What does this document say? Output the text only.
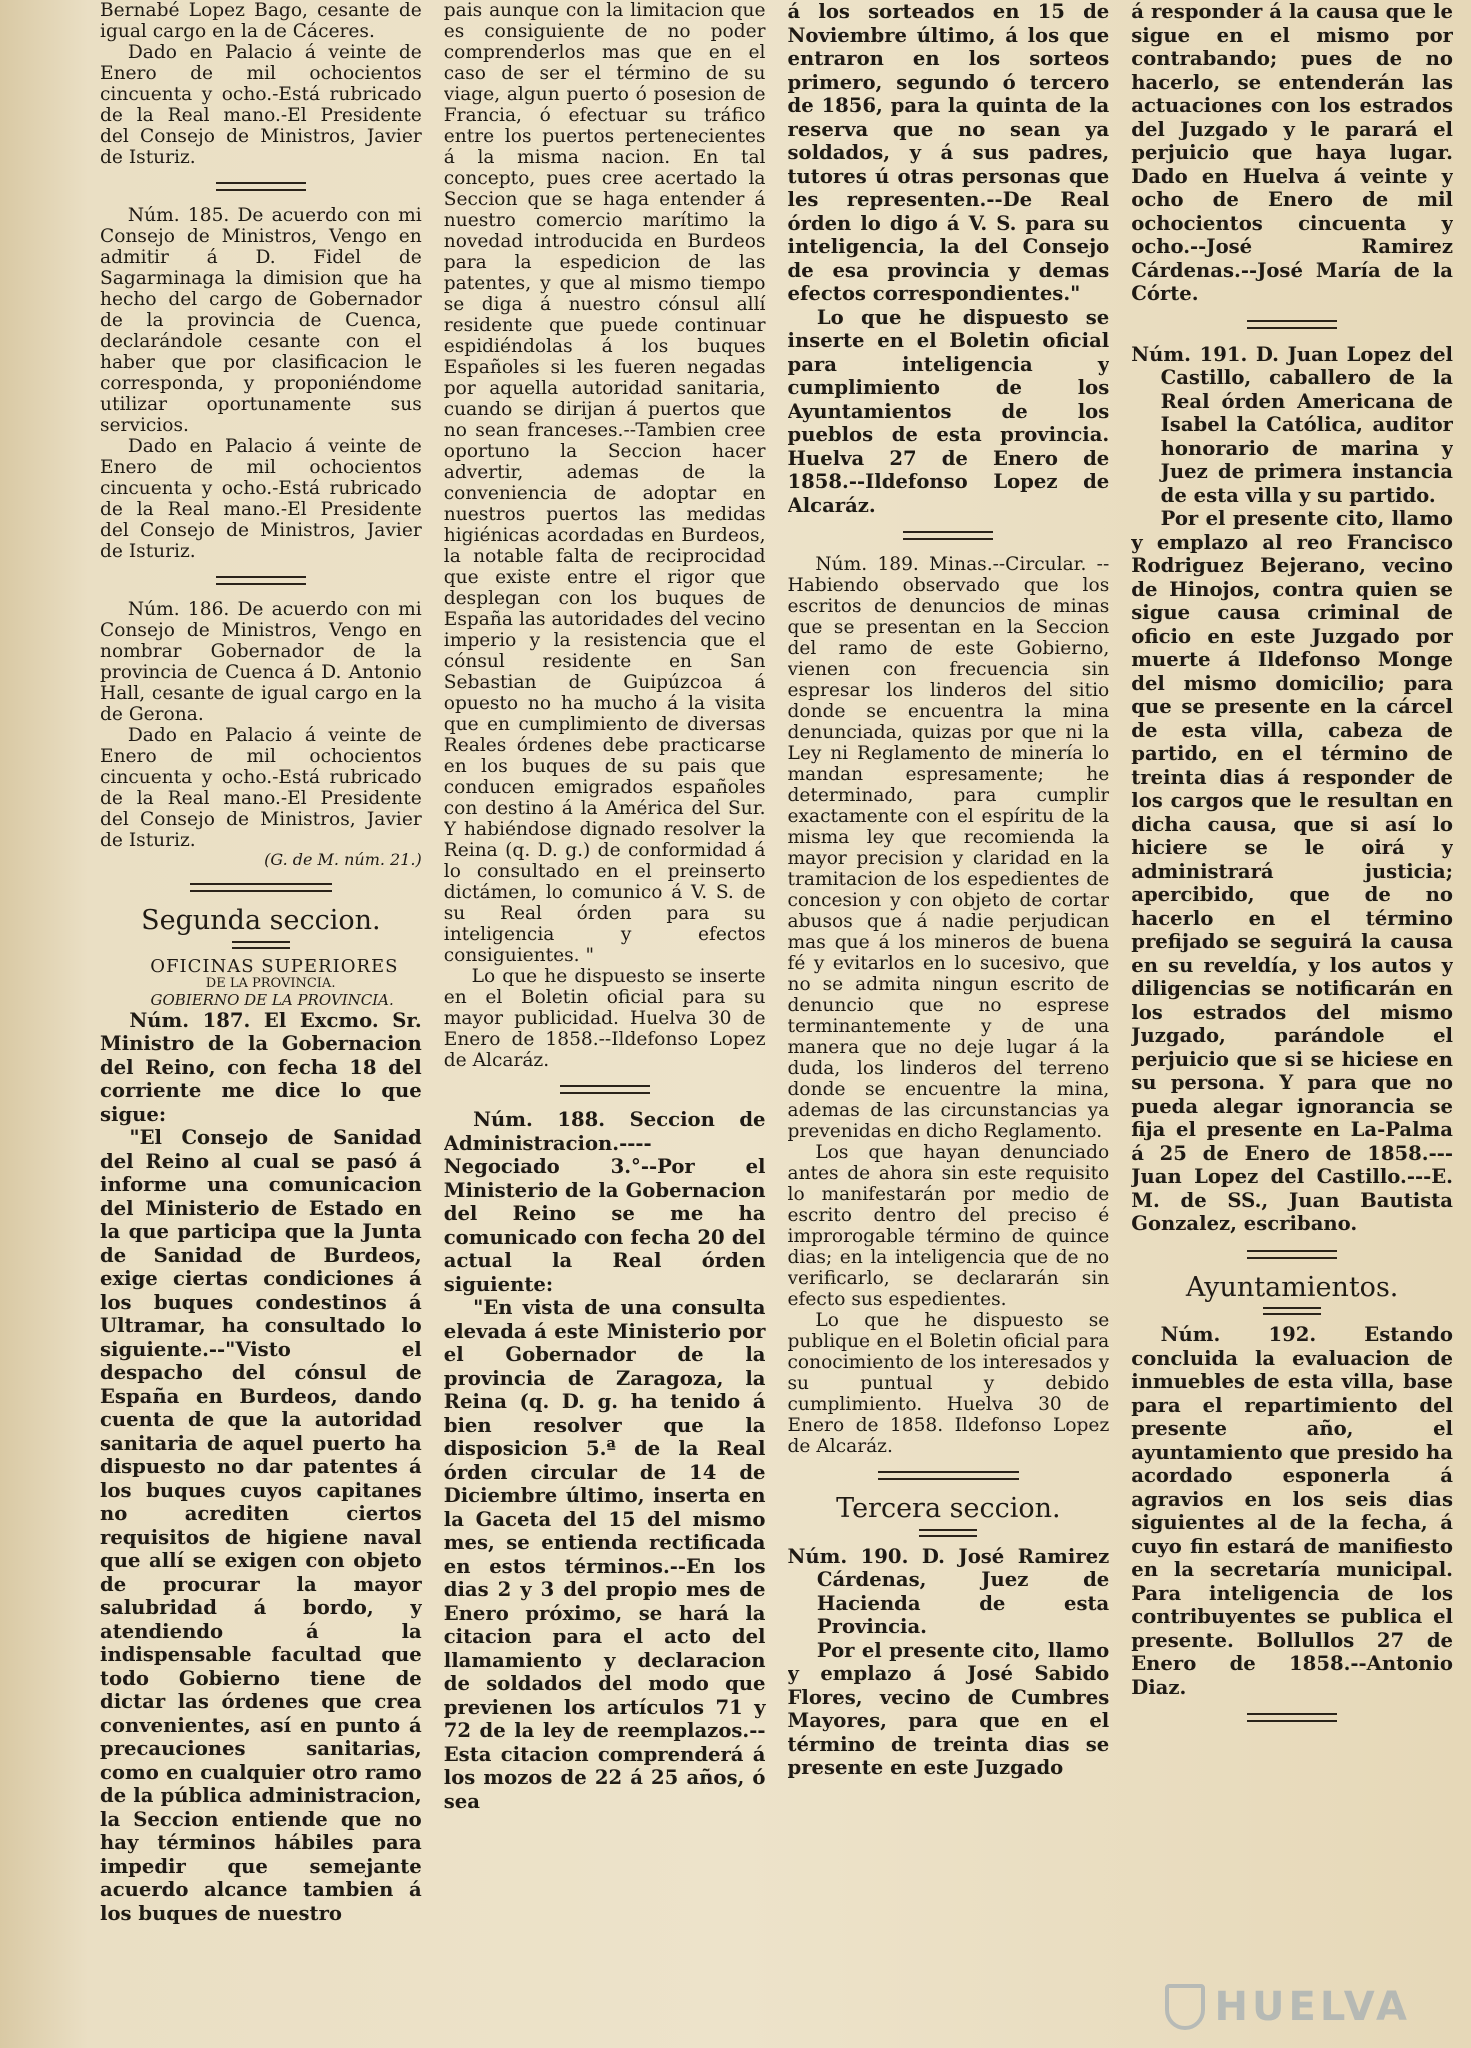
Bernabé Lopez Bago, cesante de igual cargo en la de Cáceres.

Dado en Palacio á veinte de Enero de mil ochocientos cincuenta y ocho.-Está rubricado de la Real mano.-El Presidente del Consejo de Ministros, Javier de Isturiz.

Núm. 185. De acuerdo con mi Consejo de Ministros, Vengo en admitir á D. Fidel de Sagarminaga la dimision que ha hecho del cargo de Gobernador de la provincia de Cuenca, declarándole cesante con el haber que por clasificacion le corresponda, y proponiéndome utilizar oportunamente sus servicios.

Dado en Palacio á veinte de Enero de mil ochocientos cincuenta y ocho.-Está rubricado de la Real mano.-El Presidente del Consejo de Ministros, Javier de Isturiz.

Núm. 186. De acuerdo con mi Consejo de Ministros, Vengo en nombrar Gobernador de la provincia de Cuenca á D. Antonio Hall, cesante de igual cargo en la de Gerona.

Dado en Palacio á veinte de Enero de mil ochocientos cincuenta y ocho.-Está rubricado de la Real mano.-El Presidente del Consejo de Ministros, Javier de Isturiz.

(G. de M. núm. 21.)
Segunda seccion.

OFICINAS SUPERIORES

DE LA PROVINCIA.

GOBIERNO DE LA PROVINCIA.

Núm. 187. El Excmo. Sr. Ministro de la Gobernacion del Reino, con fecha 18 del corriente me dice lo que sigue:

"El Consejo de Sanidad del Reino al cual se pasó á informe una comunicacion del Ministerio de Estado en la que participa que la Junta de Sanidad de Burdeos, exige ciertas condiciones á los buques condestinos á Ultramar, ha consultado lo siguiente.--"Visto el despacho del cónsul de España en Burdeos, dando cuenta de que la autoridad sanitaria de aquel puerto ha dispuesto no dar patentes á los buques cuyos capitanes no acrediten ciertos requisitos de higiene naval que allí se exigen con objeto de procurar la mayor salubridad á bordo, y atendiendo á la indispensable facultad que todo Gobierno tiene de dictar las órdenes que crea convenientes, así en punto á precauciones sanitarias, como en cualquier otro ramo de la pública administracion, la Seccion entiende que no hay términos hábiles para impedir que semejante acuerdo alcance tambien á los buques de nuestro

pais aunque con la limitacion que es consiguiente de no poder comprenderlos mas que en el caso de ser el término de su viage, algun puerto ó posesion de Francia, ó efectuar su tráfico entre los puertos pertenecientes á la misma nacion. En tal concepto, pues cree acertado la Seccion que se haga entender á nuestro comercio marítimo la novedad introducida en Burdeos para la espedicion de las patentes, y que al mismo tiempo se diga á nuestro cónsul allí residente que puede continuar espidiéndolas á los buques Españoles si les fueren negadas por aquella autoridad sanitaria, cuando se dirijan á puertos que no sean franceses.--Tambien cree oportuno la Seccion hacer advertir, ademas de la conveniencia de adoptar en nuestros puertos las medidas higiénicas acordadas en Burdeos, la notable falta de reciprocidad que existe entre el rigor que desplegan con los buques de España las autoridades del vecino imperio y la resistencia que el cónsul residente en San Sebastian de Guipúzcoa á opuesto no ha mucho á la visita que en cumplimiento de diversas Reales órdenes debe practicarse en los buques de su pais que conducen emigrados españoles con destino á la América del Sur. Y habiéndose dignado resolver la Reina (q. D. g.) de conformidad á lo consultado en el preinserto dictámen, lo comunico á V. S. de su Real órden para su inteligencia y efectos consiguientes. "

Lo que he dispuesto se inserte en el Boletin oficial para su mayor publicidad. Huelva 30 de Enero de 1858.--Ildefonso Lopez de Alcaráz.

Núm. 188. Seccion de Administracion.----Negociado 3.°--Por el Ministerio de la Gobernacion del Reino se me ha comunicado con fecha 20 del actual la Real órden siguiente:

"En vista de una consulta elevada á este Ministerio por el Gobernador de la provincia de Zaragoza, la Reina (q. D. g. ha tenido á bien resolver que la disposicion 5.ª de la Real órden circular de 14 de Diciembre último, inserta en la Gaceta del 15 del mismo mes, se entienda rectificada en estos términos.--En los dias 2 y 3 del propio mes de Enero próximo, se hará la citacion para el acto del llamamiento y declaracion de soldados del modo que previenen los artículos 71 y 72 de la ley de reemplazos.--Esta citacion comprenderá á los mozos de 22 á 25 años, ó sea

á los sorteados en 15 de Noviembre último, á los que entraron en los sorteos primero, segundo ó tercero de 1856, para la quinta de la reserva que no sean ya soldados, y á sus padres, tutores ú otras personas que les representen.--De Real órden lo digo á V. S. para su inteligencia, la del Consejo de esa provincia y demas efectos correspondientes."

Lo que he dispuesto se inserte en el Boletin oficial para inteligencia y cumplimiento de los Ayuntamientos de los pueblos de esta provincia. Huelva 27 de Enero de 1858.--Ildefonso Lopez de Alcaráz.

Núm. 189. Minas.--Circular. --Habiendo observado que los escritos de denuncios de minas que se presentan en la Seccion del ramo de este Gobierno, vienen con frecuencia sin espresar los linderos del sitio donde se encuentra la mina denunciada, quizas por que ni la Ley ni Reglamento de minería lo mandan espresamente; he determinado, para cumplir exactamente con el espíritu de la misma ley que recomienda la mayor precision y claridad en la tramitacion de los espedientes de concesion y con objeto de cortar abusos que á nadie perjudican mas que á los mineros de buena fé y evitarlos en lo sucesivo, que no se admita ningun escrito de denuncio que no esprese terminantemente y de una manera que no deje lugar á la duda, los linderos del terreno donde se encuentre la mina, ademas de las circunstancias ya prevenidas en dicho Reglamento.

Los que hayan denunciado antes de ahora sin este requisito lo manifestarán por medio de escrito dentro del preciso é improrogable término de quince dias; en la inteligencia que de no verificarlo, se declararán sin efecto sus espedientes.

Lo que he dispuesto se publique en el Boletin oficial para conocimiento de los interesados y su puntual y debido cumplimiento. Huelva 30 de Enero de 1858. Ildefonso Lopez de Alcaráz.

Tercera seccion.

Núm. 190. D. José Ramirez Cárdenas, Juez de Hacienda de esta Provincia.

Por el presente cito, llamo y emplazo á José Sabido Flores, vecino de Cumbres Mayores, para que en el término de treinta dias se presente en este Juzgado

á responder á la causa que le sigue en el mismo por contrabando; pues de no hacerlo, se entenderán las actuaciones con los estrados del Juzgado y le parará el perjuicio que haya lugar. Dado en Huelva á veinte y ocho de Enero de mil ochocientos cincuenta y ocho.--José Ramirez Cárdenas.--José María de la Córte.

Núm. 191. D. Juan Lopez del Castillo, caballero de la Real órden Americana de Isabel la Católica, auditor honorario de marina y Juez de primera instancia de esta villa y su partido.

Por el presente cito, llamo y emplazo al reo Francisco Rodriguez Bejerano, vecino de Hinojos, contra quien se sigue causa criminal de oficio en este Juzgado por muerte á Ildefonso Monge del mismo domicilio; para que se presente en la cárcel de esta villa, cabeza de partido, en el término de treinta dias á responder de los cargos que le resultan en dicha causa, que si así lo hiciere se le oirá y administrará justicia; apercibido, que de no hacerlo en el término prefijado se seguirá la causa en su reveldía, y los autos y diligencias se notificarán en los estrados del mismo Juzgado, parándole el perjuicio que si se hiciese en su persona. Y para que no pueda alegar ignorancia se fija el presente en La-Palma á 25 de Enero de 1858.---Juan Lopez del Castillo.---E. M. de SS., Juan Bautista Gonzalez, escribano.

Ayuntamientos.

Núm. 192. Estando concluida la evaluacion de inmuebles de esta villa, base para el repartimiento del presente año, el ayuntamiento que presido ha acordado esponerla á agravios en los seis dias siguientes al de la fecha, á cuyo fin estará de manifiesto en la secretaría municipal. Para inteligencia de los contribuyentes se publica el presente. Bollullos 27 de Enero de 1858.--Antonio Diaz.

HUELVA
